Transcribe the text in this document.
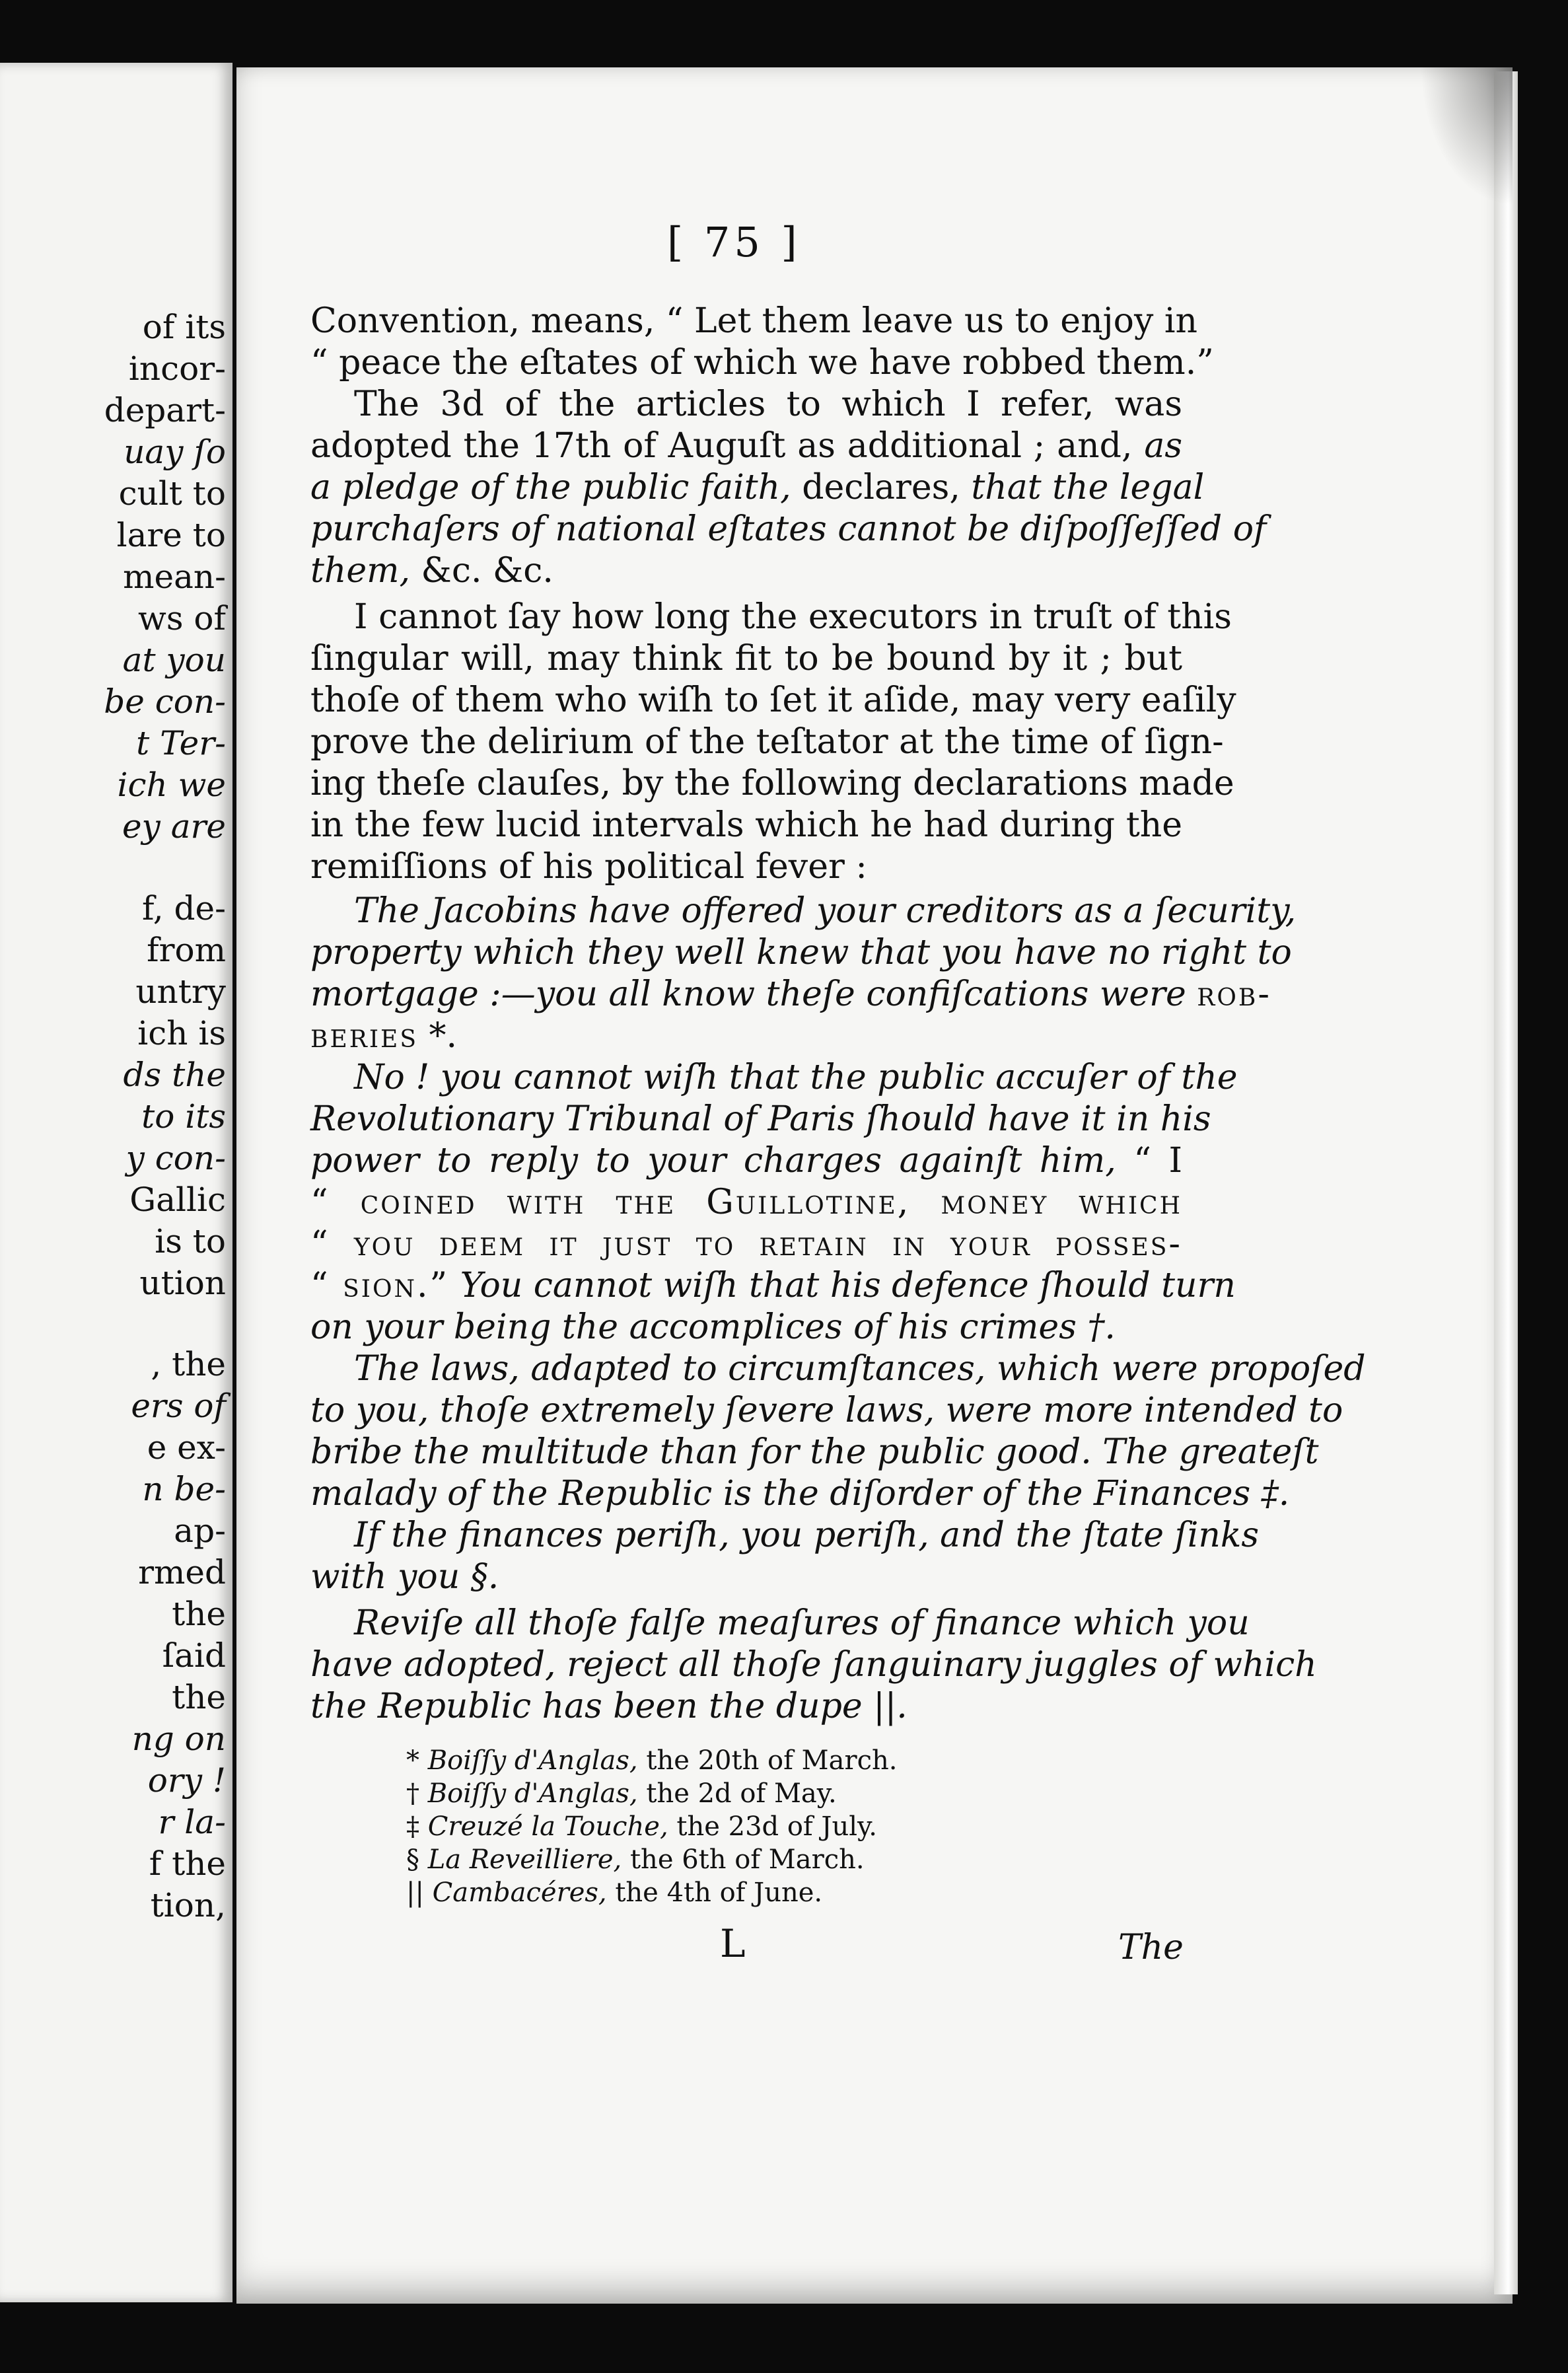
of its
incor-
depart-
uay ſo
cult to
lare to
mean-
ws of
at you
be con-
t Ter-
ich we
ey are
f, de-
from
untry
ich is
ds the
to its
y con-
Gallic
is to
ution
, the
ers of
e ex-
n be-
ap-
rmed
the
ſaid
the
ng on
ory !
r la-
f the
tion,
[ 75 ]
Convention, means, “ Let them leave us to enjoy in
“ peace the eſtates of which we have robbed them.”
The 3d of the articles to which I refer, was
adopted the 17th of Auguſt as additional ; and, as
a pledge of the public faith, declares, that the legal
purchaſers of national eſtates cannot be diſpoſſeſſed of
them, &c. &c.
I cannot ſay how long the executors in truſt of this
ſingular will, may think fit to be bound by it ; but
thoſe of them who wiſh to ſet it aſide, may very eaſily
prove the delirium of the teſtator at the time of ſign-
ing theſe clauſes, by the following declarations made
in the few lucid intervals which he had during the
remiſſions of his political fever :
The Jacobins have offered your creditors as a ſecurity,
property which they well knew that you have no right to
mortgage :—you all know theſe confiſcations were rob-
beries *.
No ! you cannot wiſh that the public accuſer of the
Revolutionary Tribunal of Paris ſhould have it in his
power to reply to your charges againſt him, “ I
“ coined with the Guillotine, money which
“ you deem it just to retain in your posses-
“ sion.” You cannot wiſh that his defence ſhould turn
on your being the accomplices of his crimes †.
The laws, adapted to circumſtances, which were propoſed
to you, thoſe extremely ſevere laws, were more intended to
bribe the multitude than for the public good. The greateſt
malady of the Republic is the diſorder of the Finances ‡.
If the finances periſh, you periſh, and the ſtate ſinks
with you §.
Reviſe all thoſe falſe meaſures of finance which you
have adopted, reject all thoſe ſanguinary juggles of which
the Republic has been the dupe ||.
* Boiſſy d'Anglas, the 20th of March.
† Boiſſy d'Anglas, the 2d of May.
‡ Creuzé la Touche, the 23d of July.
§ La Reveilliere, the 6th of March.
|| Cambacéres, the 4th of June.
L	The
